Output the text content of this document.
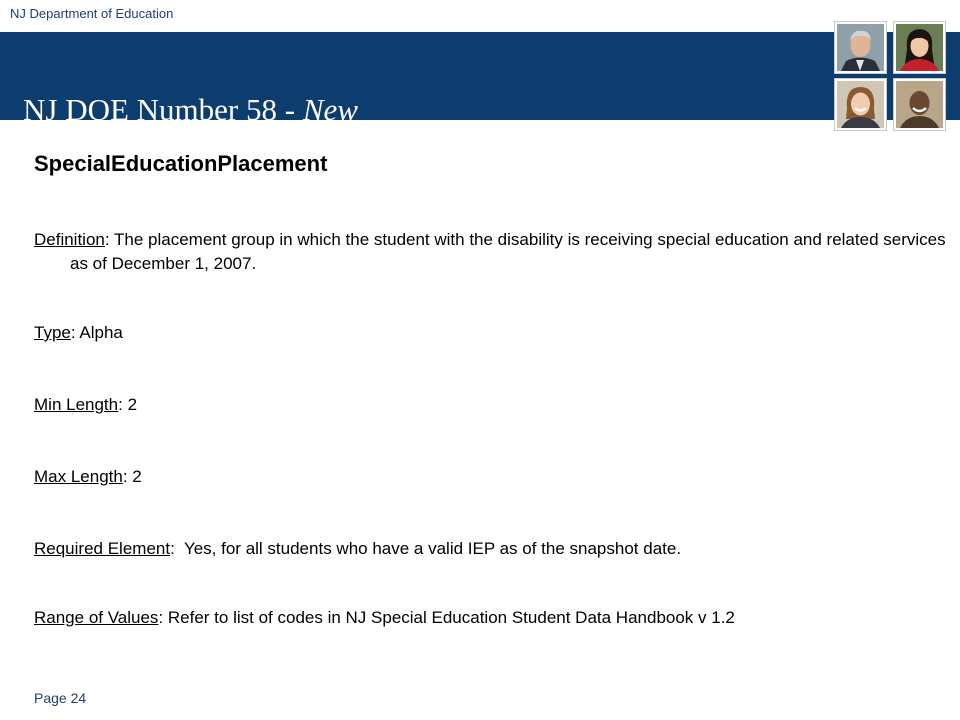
NJ Department of Education
NJ DOE Number 58 - New
SpecialEducationPlacement
Definition: The placement group in which the student with the disability is receiving special education and related services as of December 1, 2007.
Type: Alpha
Min Length: 2
Max Length: 2
Required Element:  Yes, for all students who have a valid IEP as of the snapshot date.
Range of Values: Refer to list of codes in NJ Special Education Student Data Handbook v 1.2
Page 24
